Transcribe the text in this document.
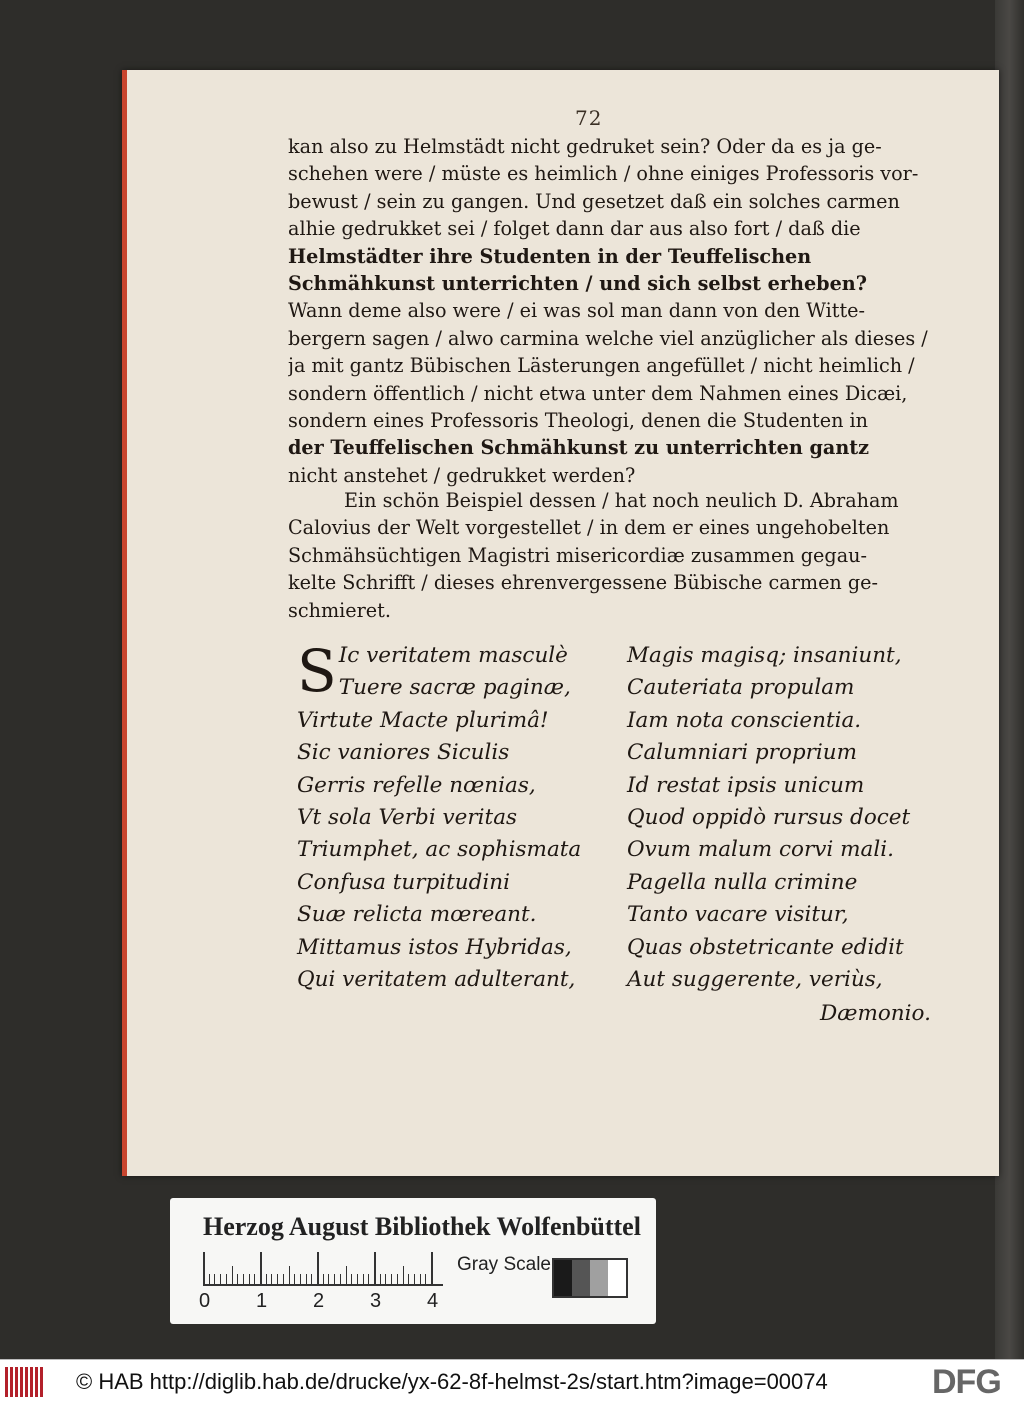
72
kan also zu Helmstädt nicht gedruket sein? Oder da es ja ge-
schehen were / müste es heimlich / ohne einiges Professoris vor-
bewust / sein zu gangen. Und gesetzet daß ein solches carmen
alhie gedrukket sei / folget dann dar aus also fort / daß die
Helmstädter ihre Studenten in der Teuffelischen
Schmähkunst unterrichten / und sich selbst erheben?
Wann deme also were / ei was sol man dann von den Witte-
bergern sagen / alwo carmina welche viel anzüglicher als dieses /
ja mit gantz Bübischen Lästerungen angefüllet / nicht heimlich /
sondern öffentlich / nicht etwa unter dem Nahmen eines Dicæi,
sondern eines Professoris Theologi, denen die Studenten in
der Teuffelischen Schmähkunst zu unterrichten gantz
nicht anstehet / gedrukket werden?
Ein schön Beispiel dessen / hat noch neulich D. Abraham
Calovius der Welt vorgestellet / in dem er eines ungehobelten
Schmähsüchtigen Magistri misericordiæ zusammen gegau-
kelte Schrifft / dieses ehrenvergessene Bübische carmen ge-
schmieret.
S Ic veritatem masculè
Tuere sacræ paginæ,
Virtute Macte plurimâ!
Sic vaniores Siculis
Gerris refelle nœnias,
Vt sola Verbi veritas
Triumphet, ac sophismata
Confusa turpitudini
Suæ relicta mœreant.
Mittamus istos Hybridas,
Qui veritatem adulterant,
Magis magisq; insaniunt,
Cauteriata propulam
Iam nota conscientia.
Calumniari proprium
Id restat ipsis unicum
Quod oppidò rursus docet
Ovum malum corvi mali.
Pagella nulla crimine
Tanto vacare visitur,
Quas obstetricante edidit
Aut suggerente, veriùs,
Dæmonio.
Herzog August Bibliothek Wolfenbüttel
0 1 2 3 4
Gray Scale
© HAB http://diglib.hab.de/drucke/yx-62-8f-helmst-2s/start.htm?image=00074	DFG
